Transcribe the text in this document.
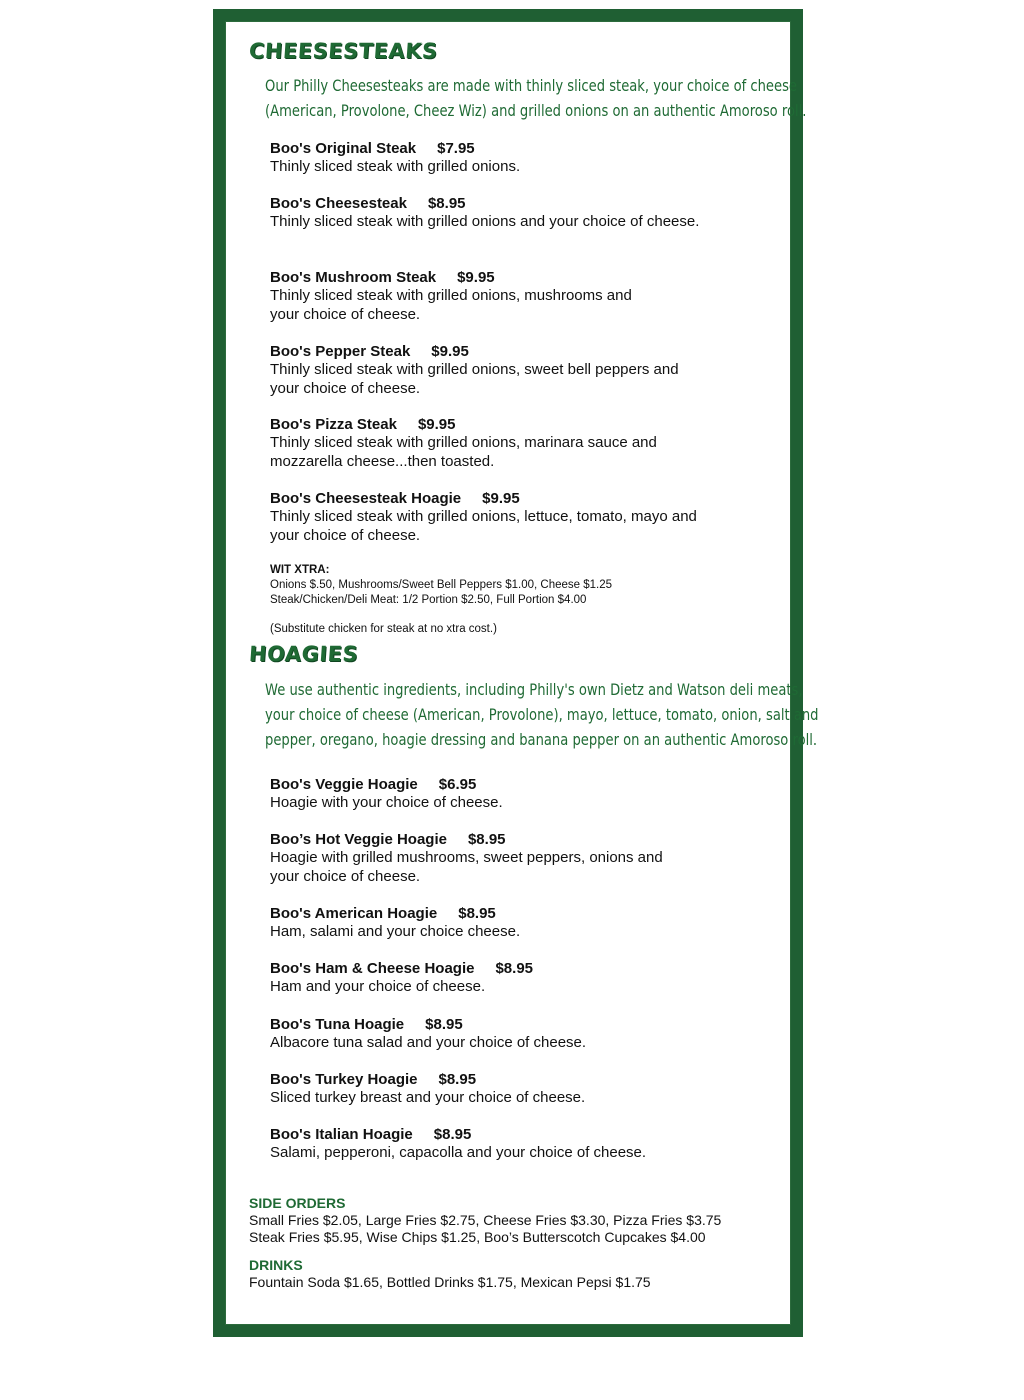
CHEESESTEAKS
Our Philly Cheesesteaks are made with thinly sliced steak, your choice of cheese
(American, Provolone, Cheez Wiz) and grilled onions on an authentic Amoroso roll.
Boo's Original Steak $7.95
Thinly sliced steak with grilled onions.
Boo's Cheesesteak $8.95
Thinly sliced steak with grilled onions and your choice of cheese.
Boo's Mushroom Steak $9.95
Thinly sliced steak with grilled onions, mushrooms and your choice of cheese.
Boo's Pepper Steak $9.95
Thinly sliced steak with grilled onions, sweet bell peppers and your choice of cheese.
Boo's Pizza Steak $9.95
Thinly sliced steak with grilled onions, marinara sauce and mozzarella cheese...then toasted.
Boo's Cheesesteak Hoagie $9.95
Thinly sliced steak with grilled onions, lettuce, tomato, mayo and your choice of cheese.
WIT XTRA:
Onions $.50, Mushrooms/Sweet Bell Peppers $1.00, Cheese $1.25
Steak/Chicken/Deli Meat: 1/2 Portion $2.50, Full Portion $4.00
(Substitute chicken for steak at no xtra cost.)
HOAGIES
We use authentic ingredients, including Philly's own Dietz and Watson deli meats,
your choice of cheese (American, Provolone), mayo, lettuce, tomato, onion, salt and
pepper, oregano, hoagie dressing and banana pepper on an authentic Amoroso roll.
Boo's Veggie Hoagie $6.95
Hoagie with your choice of cheese.
Boo’s Hot Veggie Hoagie $8.95
Hoagie with grilled mushrooms, sweet peppers, onions and your choice of cheese.
Boo's American Hoagie $8.95
Ham, salami and your choice cheese.
Boo's Ham & Cheese Hoagie $8.95
Ham and your choice of cheese.
Boo's Tuna Hoagie $8.95
Albacore tuna salad and your choice of cheese.
Boo's Turkey Hoagie $8.95
Sliced turkey breast and your choice of cheese.
Boo's Italian Hoagie $8.95
Salami, pepperoni, capacolla and your choice of cheese.
SIDE ORDERS
Small Fries $2.05, Large Fries $2.75, Cheese Fries $3.30, Pizza Fries $3.75
Steak Fries $5.95, Wise Chips $1.25, Boo’s Butterscotch Cupcakes $4.00
DRINKS
Fountain Soda $1.65, Bottled Drinks $1.75, Mexican Pepsi $1.75
